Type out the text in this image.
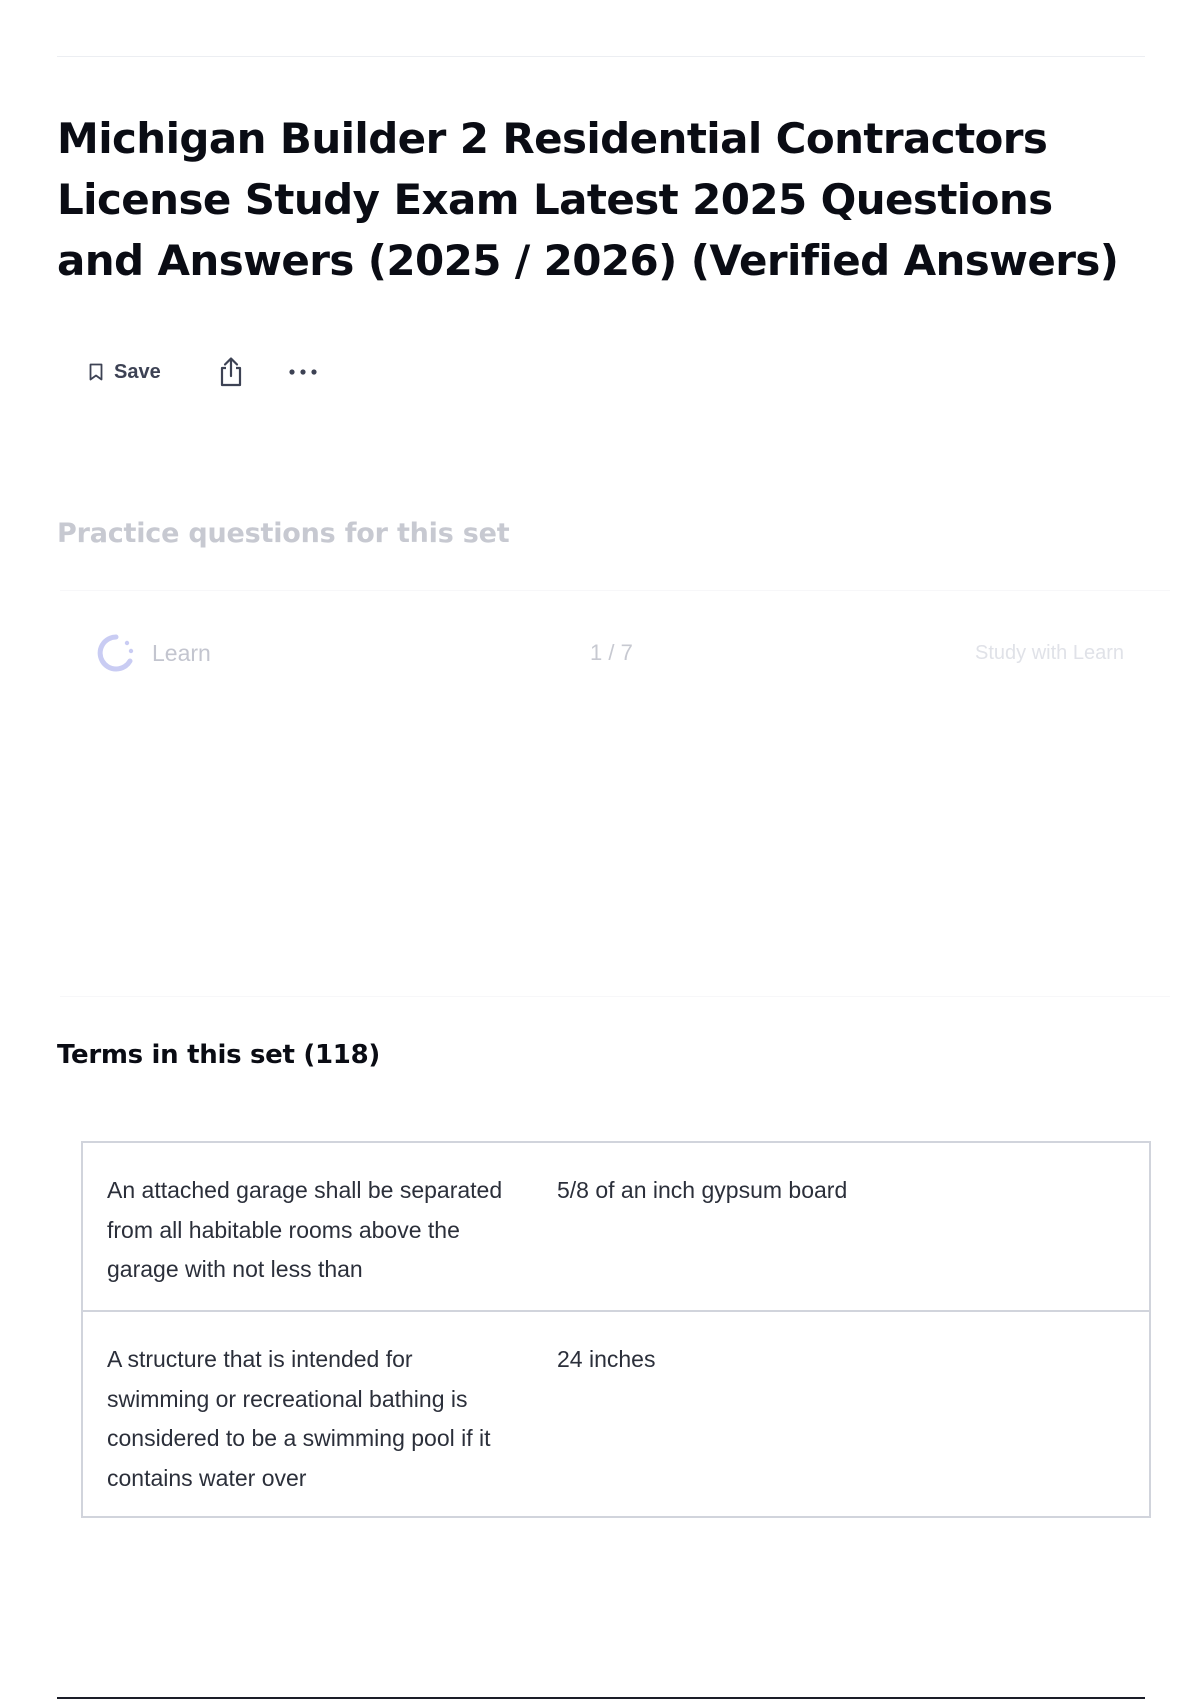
Michigan Builder 2 Residential Contractors License Study Exam Latest 2025 Questions and Answers (2025 / 2026) (Verified Answers)
Save
Practice questions for this set
Learn	1 / 7	Study with Learn
Terms in this set (118)
An attached garage shall be separated from all habitable rooms above the garage with not less than
5/8 of an inch gypsum board
A structure that is intended for swimming or recreational bathing is considered to be a swimming pool if it contains water over
24 inches
